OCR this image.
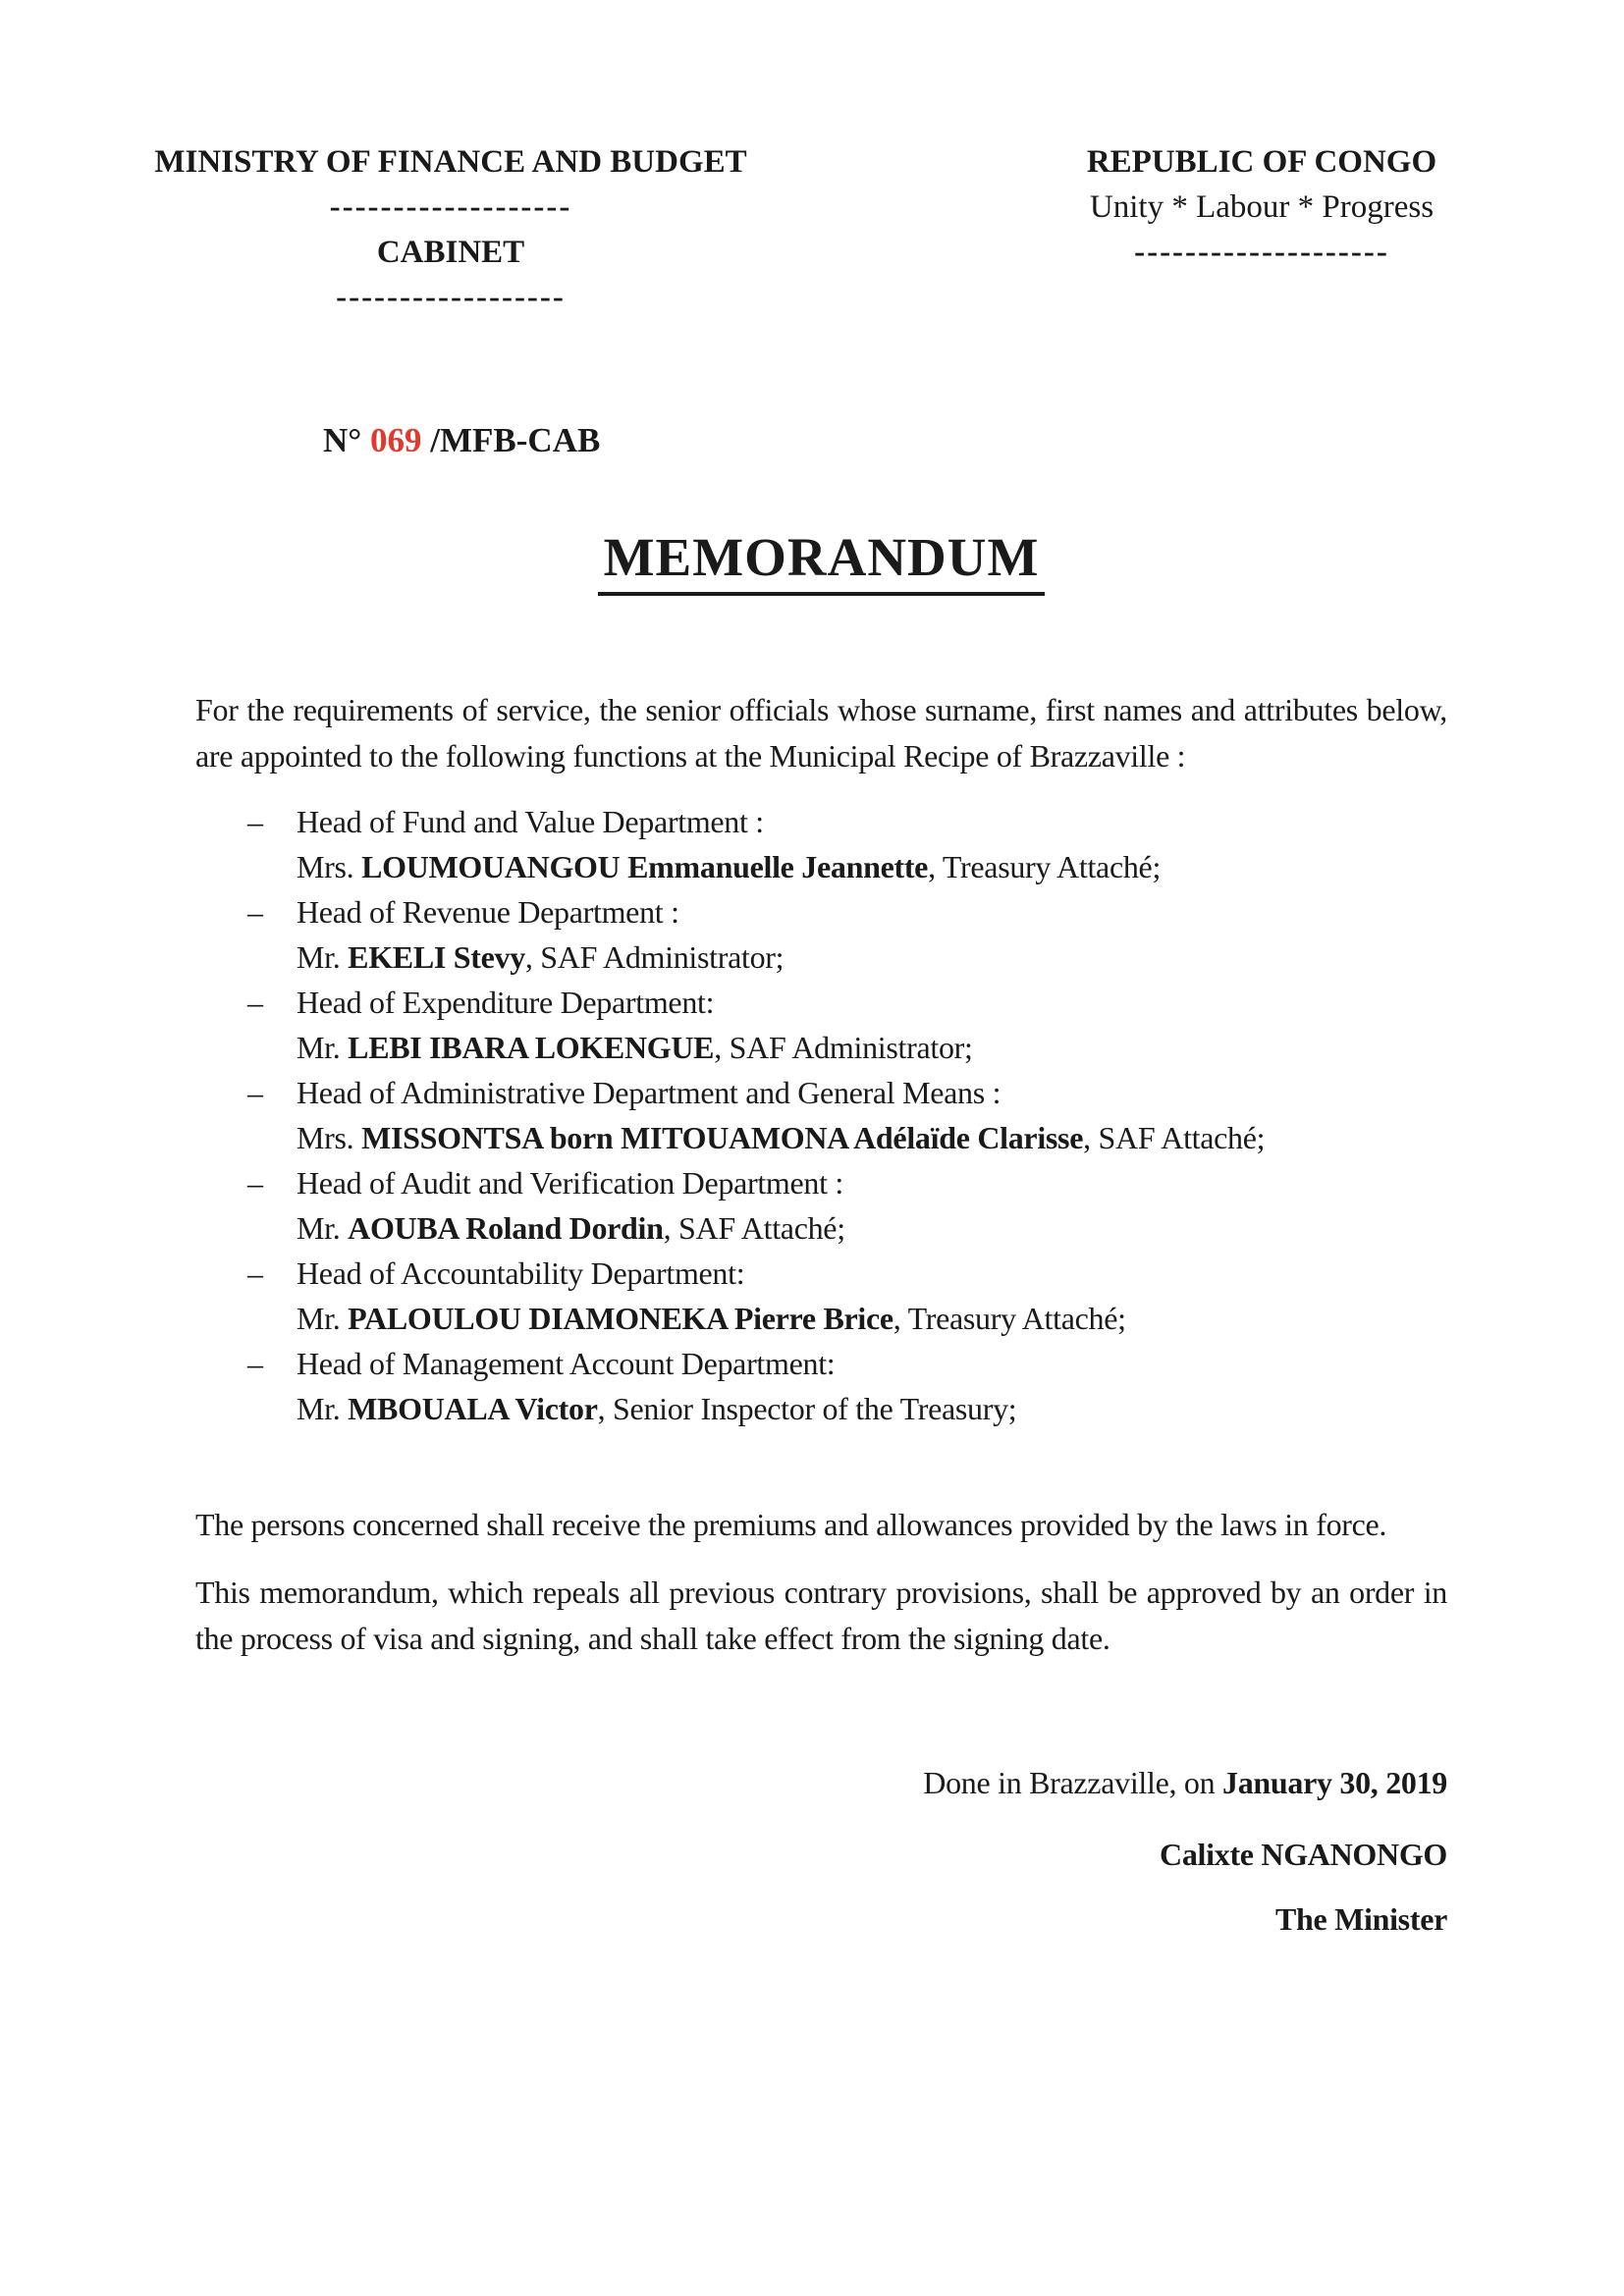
MINISTRY OF FINANCE AND BUDGET
-------------------
CABINET
------------------
REPUBLIC OF CONGO
Unity * Labour * Progress
--------------------

N° 069 /MFB-CAB

MEMORANDUM

For the requirements of service, the senior officials whose surname, first names and attributes below, are appointed to the following functions at the Municipal Recipe of Brazzaville :

– Head of Fund and Value Department :
Mrs. LOUMOUANGOU Emmanuelle Jeannette, Treasury Attaché;
– Head of Revenue Department :
Mr. EKELI Stevy, SAF Administrator;
– Head of Expenditure Department:
Mr. LEBI IBARA LOKENGUE, SAF Administrator;
– Head of Administrative Department and General Means :
Mrs. MISSONTSA born MITOUAMONA Adélaïde Clarisse, SAF Attaché;
– Head of Audit and Verification Department :
Mr. AOUBA Roland Dordin, SAF Attaché;
– Head of Accountability Department:
Mr. PALOULOU DIAMONEKA Pierre Brice, Treasury Attaché;
– Head of Management Account Department:
Mr. MBOUALA Victor, Senior Inspector of the Treasury;

The persons concerned shall receive the premiums and allowances provided by the laws in force.

This memorandum, which repeals all previous contrary provisions, shall be approved by an order in the process of visa and signing, and shall take effect from the signing date.

Done in Brazzaville, on January 30, 2019
Calixte NGANONGO
The Minister
